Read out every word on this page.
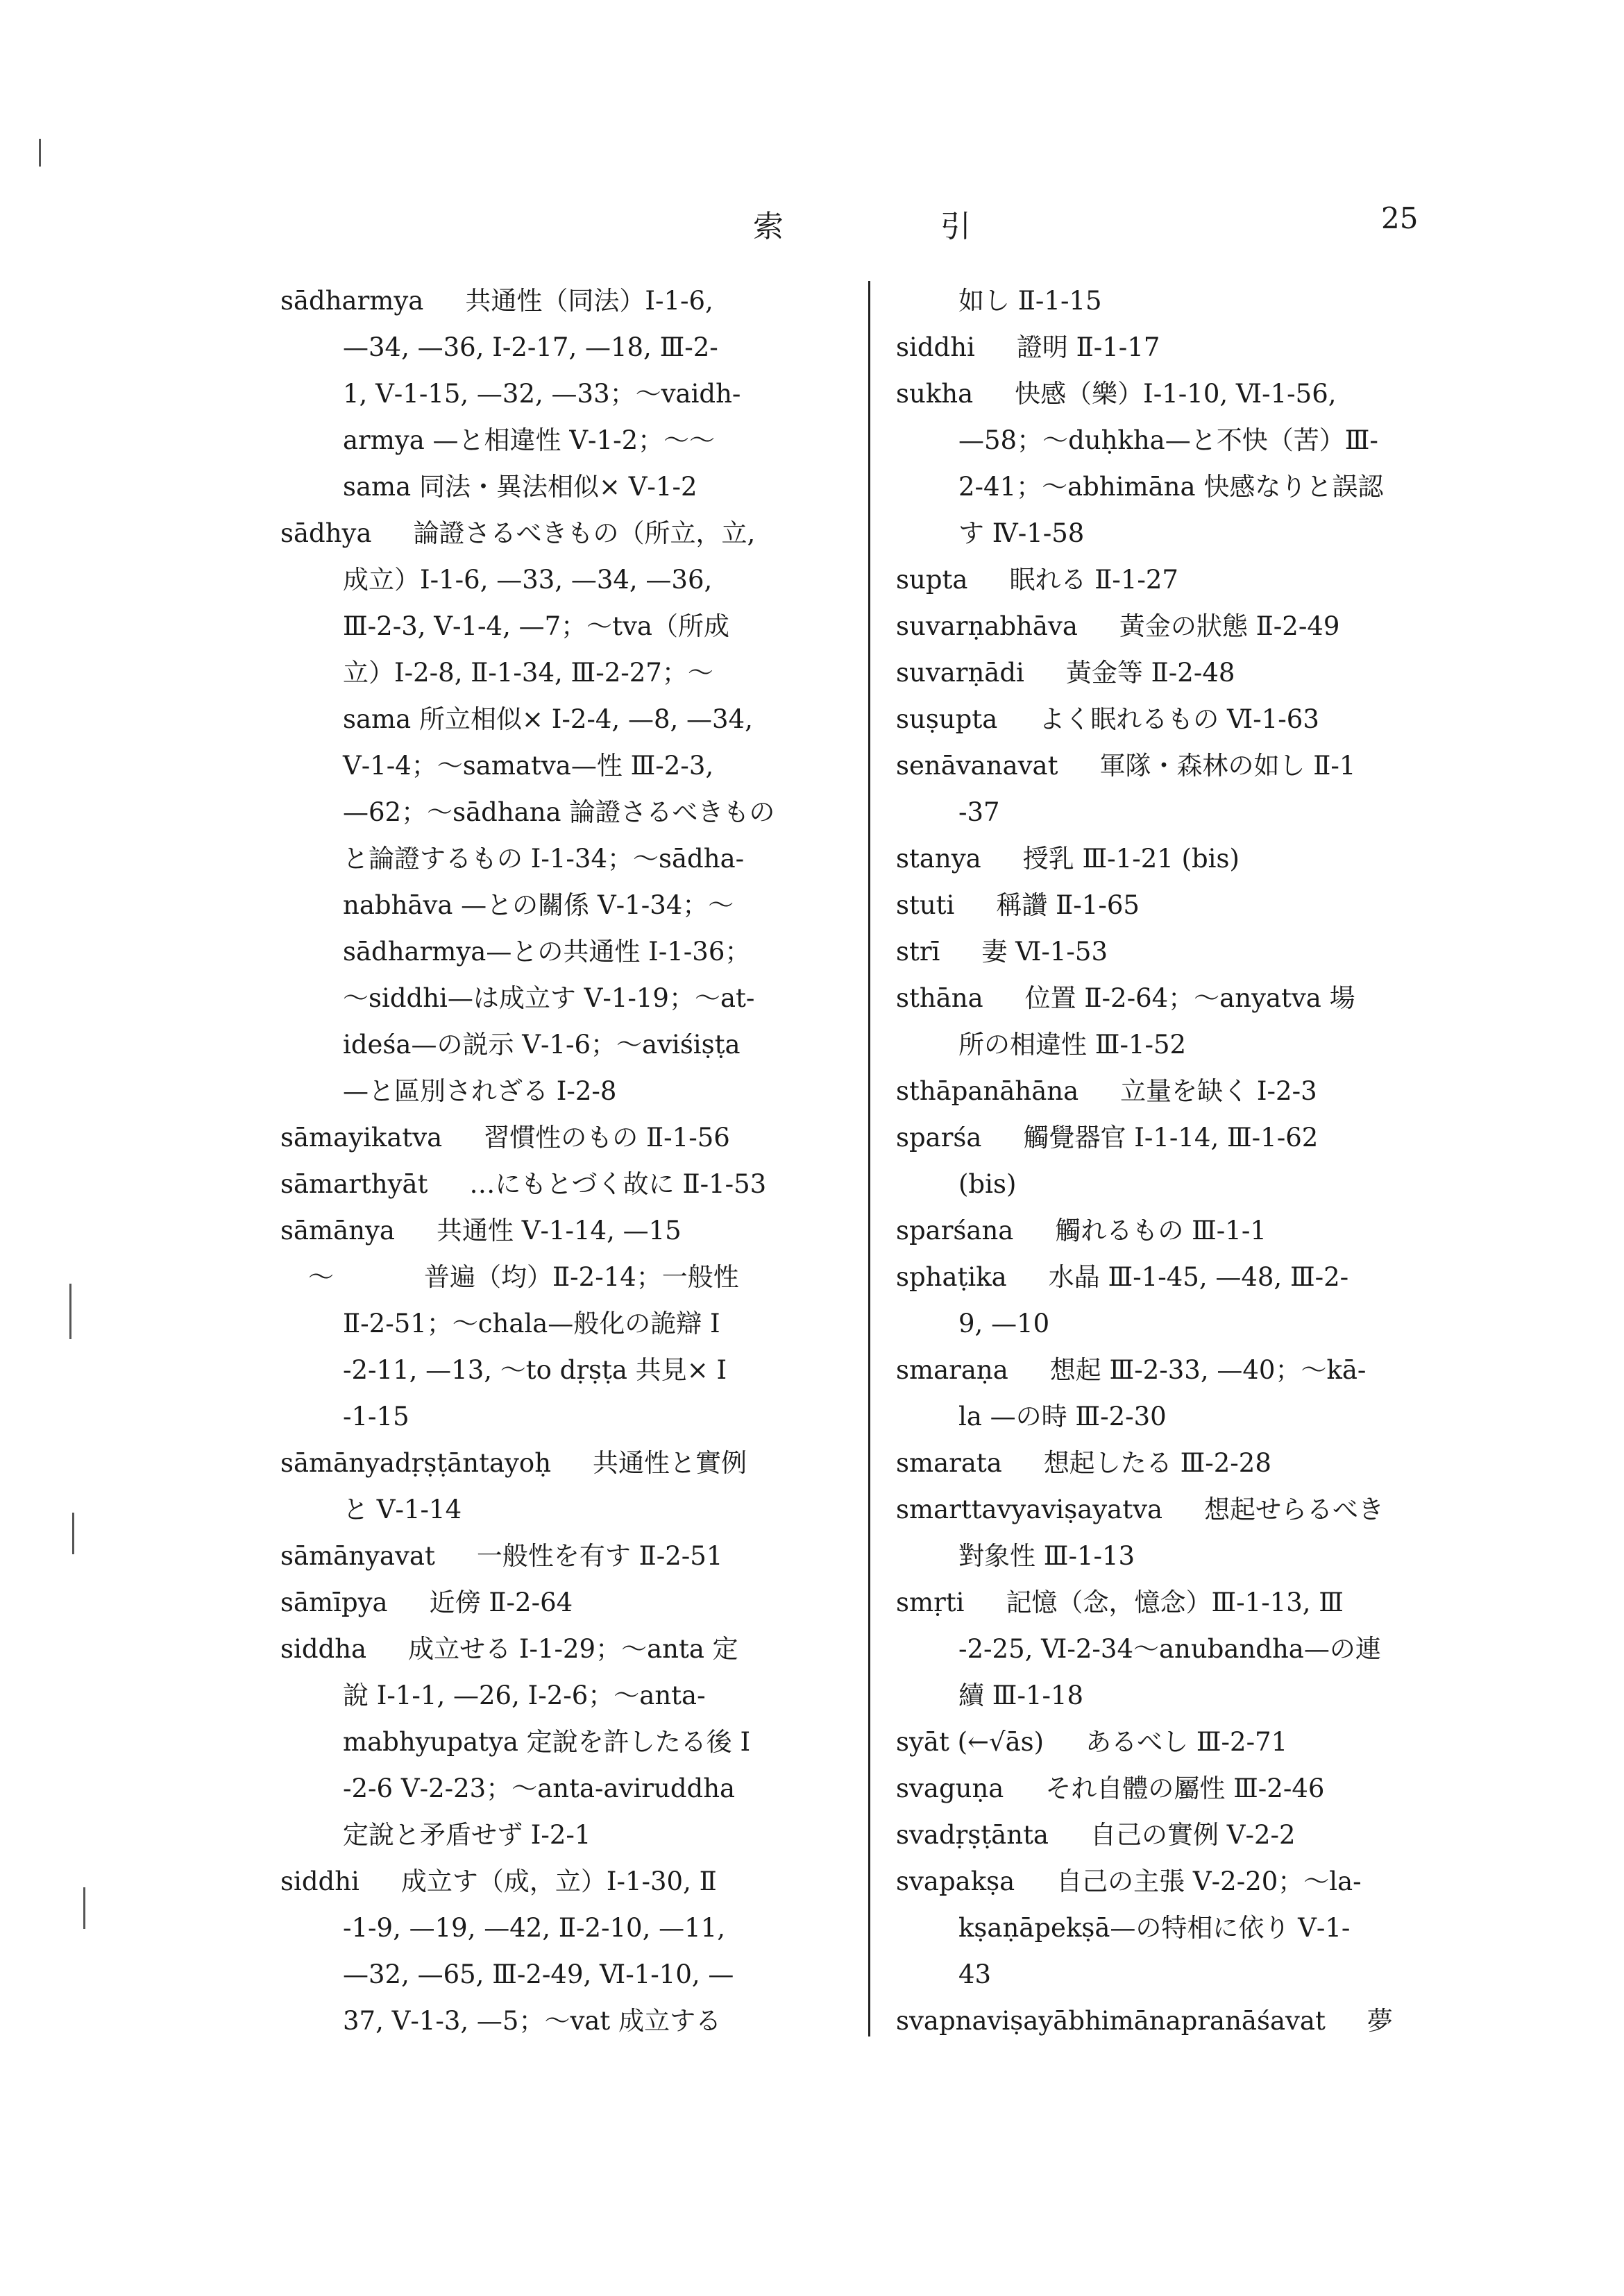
索	引	25
sādharmya 共通性（同法）Ⅰ-1-6,
—34, —36, Ⅰ-2-17, —18, Ⅲ-2-
1, Ⅴ-1-15, —32, —33；～vaidh-
armya —と相違性 Ⅴ-1-2；～～
sama 同法・異法相似× Ⅴ-1-2
sādhya 論證さるべきもの（所立，立,
成立）Ⅰ-1-6, —33, —34, —36,
Ⅲ-2-3, Ⅴ-1-4, —7；～tva（所成
立）Ⅰ-2-8, Ⅱ-1-34, Ⅲ-2-27；～
sama 所立相似× Ⅰ-2-4, —8, —34,
Ⅴ-1-4；～samatva—性 Ⅲ-2-3,
—62；～sādhana 論證さるべきもの
と論證するもの Ⅰ-1-34；～sādha-
nabhāva —との關係 Ⅴ-1-34；～
sādharmya—との共通性 Ⅰ-1-36；
～siddhi—は成立す Ⅴ-1-19；～at-
ideśa—の説示 Ⅴ-1-6；～aviśiṣṭa
—と區別されざる Ⅰ-2-8
sāmayikatva 習慣性のもの Ⅱ-1-56
sāmarthyāt …にもとづく故に Ⅱ-1-53
sāmānya 共通性 Ⅴ-1-14, —15
～	普遍（均）Ⅱ-2-14；一般性
Ⅱ-2-51；～chala—般化の詭辯 Ⅰ
-2-11, —13, ～to dṛṣṭa 共見× Ⅰ
-1-15
sāmānyadṛṣṭāntayoḥ 共通性と實例
と Ⅴ-1-14
sāmānyavat 一般性を有す Ⅱ-2-51
sāmīpya 近傍 Ⅱ-2-64
siddha 成立せる Ⅰ-1-29；～anta 定
說 Ⅰ-1-1, —26, Ⅰ-2-6；～anta-
mabhyupatya 定說を許したる後 Ⅰ
-2-6 Ⅴ-2-23；～anta-aviruddha
定說と矛盾せず Ⅰ-2-1
siddhi 成立す（成，立）Ⅰ-1-30, Ⅱ
-1-9, —19, —42, Ⅱ-2-10, —11,
—32, —65, Ⅲ-2-49, Ⅵ-1-10, —
37, Ⅴ-1-3, —5；～vat 成立する
如し Ⅱ-1-15
siddhi 證明 Ⅱ-1-17
sukha 快感（樂）Ⅰ-1-10, Ⅵ-1-56,
—58；～duḥkha—と不快（苦）Ⅲ-
2-41；～abhimāna 快感なりと誤認
す Ⅳ-1-58
supta 眠れる Ⅱ-1-27
suvarṇabhāva 黃金の狀態 Ⅱ-2-49
suvarṇādi 黃金等 Ⅱ-2-48
suṣupta よく眠れるもの Ⅵ-1-63
senāvanavat 軍隊・森林の如し Ⅱ-1
-37
stanya 授乳 Ⅲ-1-21 (bis)
stuti 稱讚 Ⅱ-1-65
strī 妻 Ⅵ-1-53
sthāna 位置 Ⅱ-2-64；～anyatva 場
所の相違性 Ⅲ-1-52
sthāpanāhāna 立量を缺く Ⅰ-2-3
sparśa 觸覺器官 Ⅰ-1-14, Ⅲ-1-62
(bis)
sparśana 觸れるもの Ⅲ-1-1
sphaṭika 水晶 Ⅲ-1-45, —48, Ⅲ-2-
9, —10
smaraṇa 想起 Ⅲ-2-33, —40；～kā-
la —の時 Ⅲ-2-30
smarata 想起したる Ⅲ-2-28
smarttavyaviṣayatva 想起せらるべき
對象性 Ⅲ-1-13
smṛti 記憶（念，憶念）Ⅲ-1-13, Ⅲ
-2-25, Ⅵ-2-34～anubandha—の連
續 Ⅲ-1-18
syāt (←√ās) あるべし Ⅲ-2-71
svaguṇa それ自體の屬性 Ⅲ-2-46
svadṛṣṭānta 自己の實例 Ⅴ-2-2
svapakṣa 自己の主張 Ⅴ-2-20；～la-
kṣaṇāpekṣā—の特相に依り Ⅴ-1-
43
svapnaviṣayābhimānapranāśavat 夢
